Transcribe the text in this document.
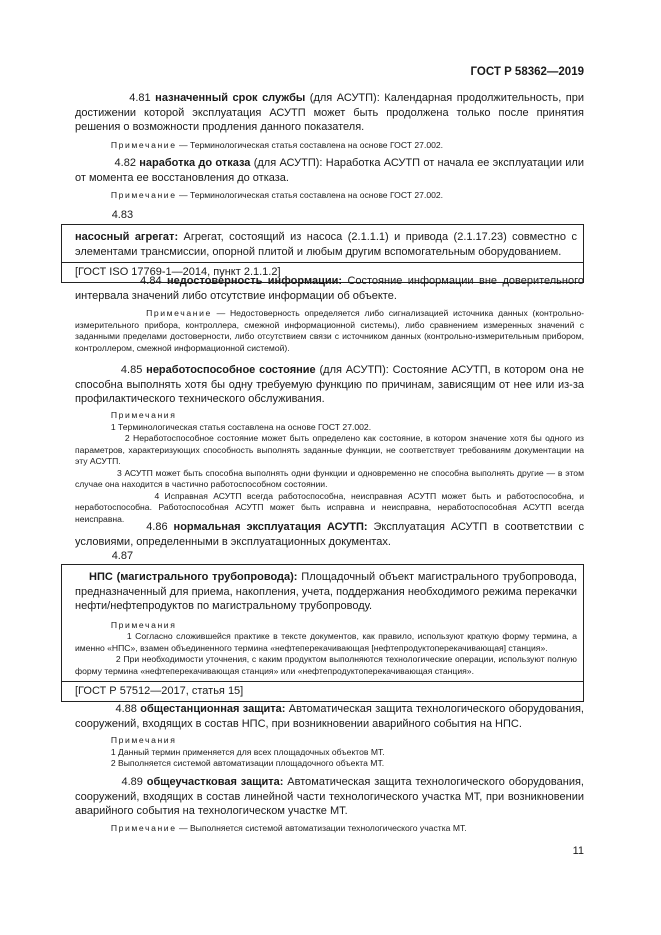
ГОСТ Р 58362—2019

4.81 назначенный срок службы (для АСУТП): Календарная продолжительность, при достижении которой эксплуатация АСУТП может быть продолжена только после принятия решения о возможности продления данного показателя.

Примечание — Терминологическая статья составлена на основе ГОСТ 27.002.

4.82 наработка до отказа (для АСУТП): Наработка АСУТП от начала ее эксплуатации или от момента ее восстановления до отказа.

Примечание — Терминологическая статья составлена на основе ГОСТ 27.002.

4.83

насосный агрегат: Агрегат, состоящий из насоса (2.1.1.1) и привода (2.1.17.23) совместно с элементами трансмиссии, опорной плитой и любым другим вспомогательным оборудованием.

[ГОСТ ISO 17769-1—2014, пункт 2.1.1.2]

4.84 недостоверность информации: Состояние информации вне доверительного интервала значений либо отсутствие информации об объекте.

Примечание — Недостоверность определяется либо сигнализацией источника данных (контрольно-измерительного прибора, контроллера, смежной информационной системы), либо сравнением измеренных значений с заданными пределами достоверности, либо отсутствием связи с источником данных (контрольно-измерительным прибором, контроллером, смежной информационной системой).

4.85 неработоспособное состояние (для АСУТП): Состояние АСУТП, в котором она не способна выполнять хотя бы одну требуемую функцию по причинам, зависящим от нее или из-за профилактического технического обслуживания.

Примечания

1 Терминологическая статья составлена на основе ГОСТ 27.002.

2 Неработоспособное состояние может быть определено как состояние, в котором значение хотя бы одного из параметров, характеризующих способность выполнять заданные функции, не соответствует требованиям документации на эту АСУТП.

3 АСУТП может быть способна выполнять одни функции и одновременно не способна выполнять другие — в этом случае она находится в частично работоспособном состоянии.

4 Исправная АСУТП всегда работоспособна, неисправная АСУТП может быть и работоспособна, и неработоспособна. Работоспособная АСУТП может быть исправна и неисправна, неработоспособная АСУТП всегда неисправна.

4.86 нормальная эксплуатация АСУТП: Эксплуатация АСУТП в соответствии с условиями, определенными в эксплуатационных документах.

4.87

НПС (магистрального трубопровода): Площадочный объект магистрального трубопровода, предназначенный для приема, накопления, учета, поддержания необходимого режима перекачки нефти/нефтепродуктов по магистральному трубопроводу.

Примечания

1 Согласно сложившейся практике в тексте документов, как правило, используют краткую форму термина, а именно «НПС», взамен объединенного термина «нефтеперекачивающая [нефтепродуктоперекачивающая] станция».

2 При необходимости уточнения, с каким продуктом выполняются технологические операции, используют полную форму термина «нефтеперекачивающая станция» или «нефтепродуктоперекачивающая станция».

[ГОСТ Р 57512—2017, статья 15]

4.88 общестанционная защита: Автоматическая защита технологического оборудования, сооружений, входящих в состав НПС, при возникновении аварийного события на НПС.

Примечания

1 Данный термин применяется для всех площадочных объектов МТ.

2 Выполняется системой автоматизации площадочного объекта МТ.

4.89 общеучастковая защита: Автоматическая защита технологического оборудования, сооружений, входящих в состав линейной части технологического участка МТ, при возникновении аварийного события на технологическом участке МТ.

Примечание — Выполняется системой автоматизации технологического участка МТ.

11
